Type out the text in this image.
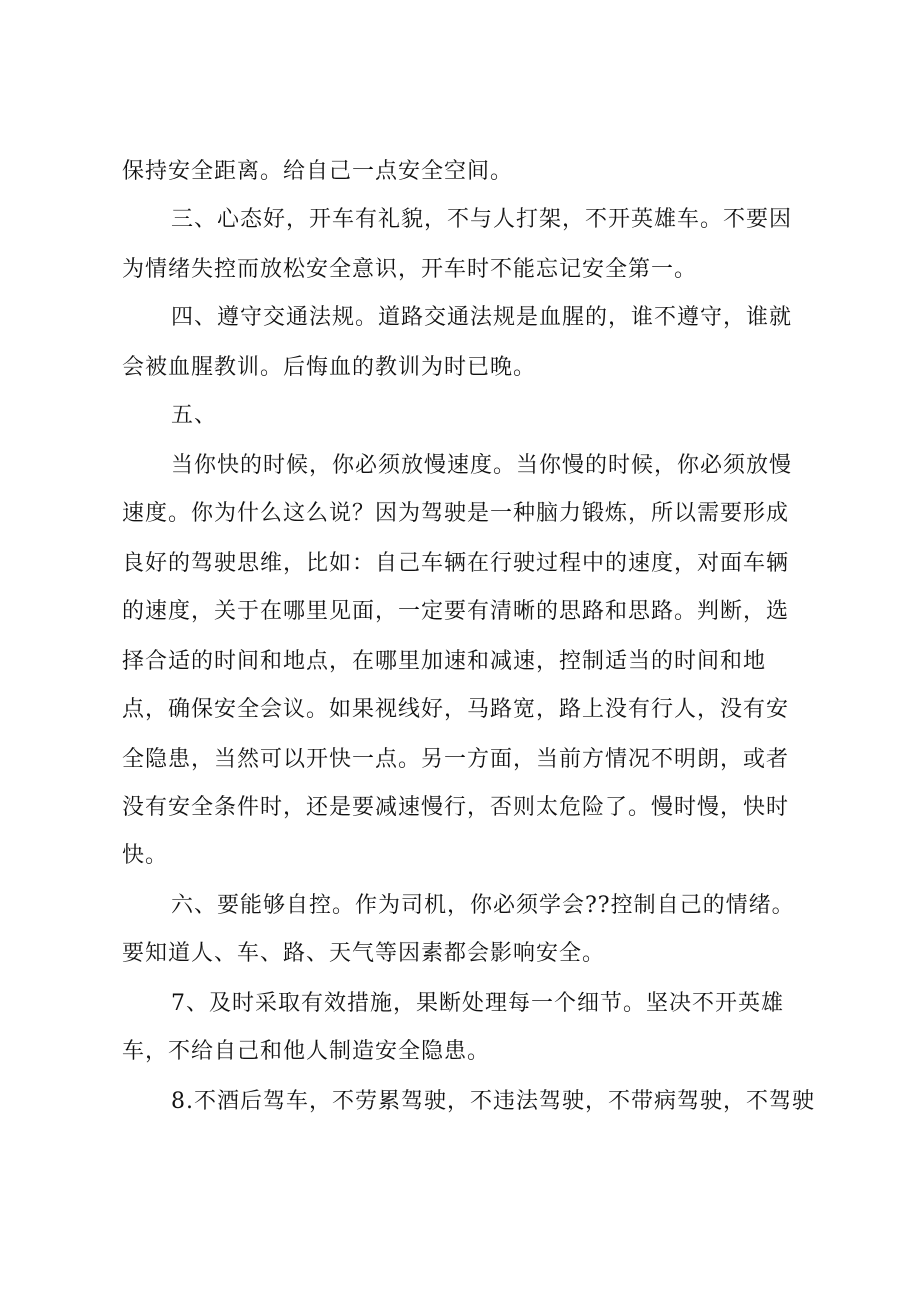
保持安全距离。给自己一点安全空间。

三、心态好，开车有礼貌，不与人打架，不开英雄车。不要因

为情绪失控而放松安全意识，开车时不能忘记安全第一。

四、遵守交通法规。道路交通法规是血腥的，谁不遵守，谁就

会被血腥教训。后悔血的教训为时已晚。

五、

当你快的时候，你必须放慢速度。当你慢的时候，你必须放慢

速度。你为什么这么说？因为驾驶是一种脑力锻炼，所以需要形成

良好的驾驶思维，比如：自己车辆在行驶过程中的速度，对面车辆

的速度，关于在哪里见面，一定要有清晰的思路和思路。判断，选

择合适的时间和地点，在哪里加速和减速，控制适当的时间和地

点，确保安全会议。如果视线好，马路宽，路上没有行人，没有安

全隐患，当然可以开快一点。另一方面，当前方情况不明朗，或者

没有安全条件时，还是要减速慢行，否则太危险了。慢时慢，快时

快。

六、要能够自控。作为司机，你必须学会??控制自己的情绪。

要知道人、车、路、天气等因素都会影响安全。

7、及时采取有效措施，果断处理每一个细节。坚决不开英雄

车，不给自己和他人制造安全隐患。

8.不酒后驾车，不劳累驾驶，不违法驾驶，不带病驾驶，不驾驶
